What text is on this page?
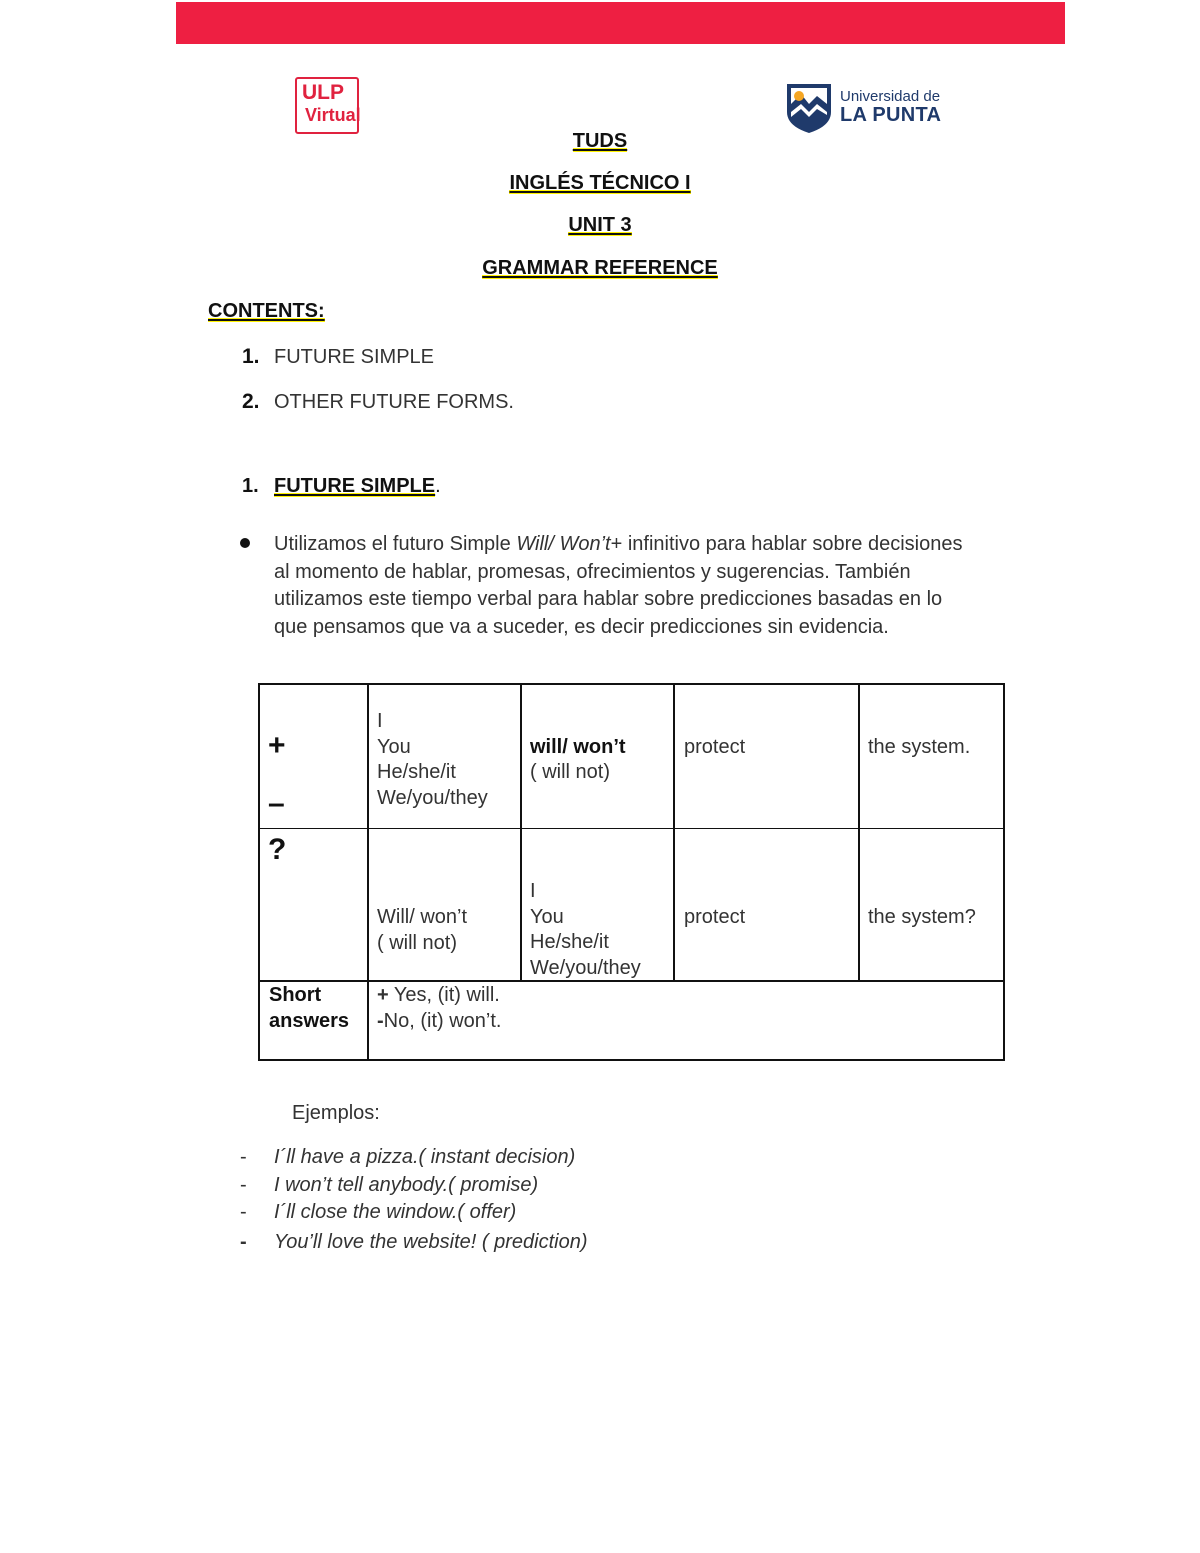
ULP
Virtual
Universidad de
LA PUNTA
TUDS
INGLÉS TÉCNICO I
UNIT 3
GRAMMAR REFERENCE
CONTENTS:
1. FUTURE SIMPLE
2. OTHER FUTURE FORMS.
1. FUTURE SIMPLE.
Utilizamos el futuro Simple Will/ Won’t+ infinitivo para hablar sobre decisiones al momento de hablar, promesas, ofrecimientos y sugerencias. También utilizamos este tiempo verbal para hablar sobre predicciones basadas en lo que pensamos que va a suceder, es decir predicciones sin evidencia.
+
–
I
You
He/she/it
We/you/they
will/ won’t
( will not)
protect	the system.
?
Will/ won’t
( will not)
I
You
He/she/it
We/you/they
protect	the system?
Short
answers
+ Yes, (it) will.
-No, (it) won’t.
Ejemplos:
- I´ll have a pizza.( instant decision)
- I won’t tell anybody.( promise)
- I´ll close the window.( offer)
- You’ll love the website! ( prediction)
